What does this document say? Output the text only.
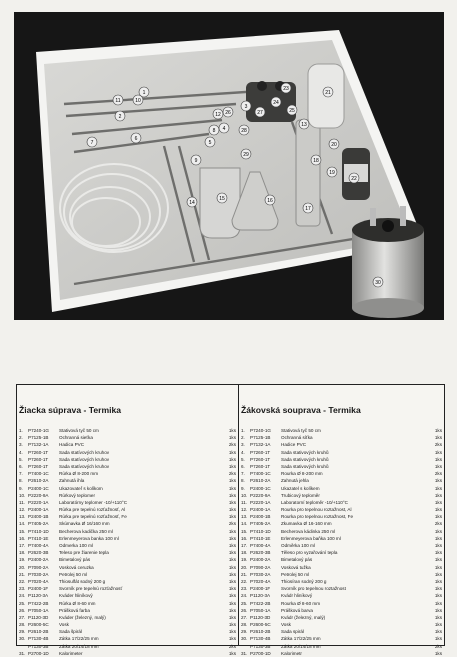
1
2
3
4
5
6
7
8
9
10
11
12
13
14
15	16
17
18
19
20
21
22
23
24
25
26	27
28
29
30
Žiacka súprava - Termika
1.	P7240-1G	Stativová tyč 50 cm	1ks
2.	P7125-1B	Ochranná sieťka	1ks
3.	P7132-1A	Hadica PVC	2ks
4.	P7260-1T	Sada statívových kruhov	1ks
5.	P7260-1T	Sada statívových kruhov	1ks
6.	P7260-1T	Sada statívových kruhov	1ks
7.	P7400-1C	Rúrka Ø 8-200 mm	2ks
8.	P2610-2A	Zahnutá ihla	1ks
9.	P2400-1C	Ukazovateľ s kolíkom	1ks
10. P2220-9A	Rúrkový teplomer	1ks
11. P2220-1A	Laboratórny teplomer -10/+110°C	1ks
12. P2400-1A	Rúrka pre tepelnú rozťažnosť, Al	1ks
13. P2400-1B	Rúrka pre tepelnú rozťažnosť, Fe	1ks
14. P7405-2A	Skúmavka Ø 16/160 mm	2ks
15. P7410-1D	Becherova kadička 250 ml	1ks
16. P7410-1E	Erlenmeyerova banka 100 ml	1ks
17. P7400-4A	Odmerka 100 ml	1ks
18. P2620-3B	Teleso pre žiarenie tepla	1ks
19. P2400-2A	Bimetalový pás	1ks
20. P7090-2A	Vosková ceruzka	1ks
21. P7030-2A	Petrolej 50 ml	1ks
22. P7020-4A	Thiosulfát sodný 200 g	1ks
23. P2400-1F	Svorník pre tepelnú rozťažnosť	1ks
24. P1120-3A	Kváder hliníkový	1ks
25. P7422-2B	Rúrka Ø 8-60 mm	1ks
26. P7050-1A	Prášková farba	1ks
27. P1120-3D	Kváder (železný, malý)	1ks
28. P2600-5C	Vosk	1ks
29. P2610-2B	Sada špirál	1ks
30. P7130-4B	Zátka 17/22/25 mm	1ks
P7130-3B	Zátka 20/14/18 mm	2ks
31. P2700-1D	Kalorimeter	1ks
Žákovská souprava - Termika
1.	P7240-1G	Stativová tyč 50 cm	1ks
2.	P7125-1B	Ochranná síťka	1ks
3.	P7132-1A	Hadice PVC	2ks
4.	P7260-1T	Sada stativových kruhů	1ks
5.	P7260-1T	Sada stativových kruhů	1ks
6.	P7260-1T	Sada stativových kruhů	1ks
7.	P7400-1C	Rourka Ø 8-200 mm	2ks
8.	P2610-2A	Zahnutá jehla	1ks
9.	P2400-1C	Ukazatel s kolíkem	1ks
10. P2220-9A	Trubicový teploměr	1ks
11. P2220-1A	Laboratorní teploměr -10/+110°C	1ks
12. P2400-1A	Rourka pro tepelnou roztažnost, Al	1ks
13. P2400-1B	Rourka pro tepelnou roztažnost, Fe	1ks
14. P7405-2A	Zkumavka Ø 16-160 mm	2ks
15. P7410-1D	Becherova kádinka 250 ml	1ks
16. P7410-1E	Erlenmeyerova baňka 100 ml	1ks
17. P7400-4A	Odměrka 100 ml	1ks
18. P2620-3B	Těleso pro vyzařování tepla	1ks
19. P2400-2A	Bimetalový pás	1ks
20. P7090-2A	Vosková tužka	1ks
21. P7030-2A	Petrolej 50 ml	1ks
22. P7020-4A	Thiosíran sodný 200 g	1ks
23. P2400-1F	Svorník pro tepelnou roztažnost	1ks
24. P1120-3A	Kvádr hliníkový	1ks
25. P7422-2B	Rourka Ø 8-60 mm	1ks
26. P7050-1A	Prášková barva	1ks
27. P1120-3D	Kvádr (železný, malý)	1ks
28. P2600-5C	Vosk	1ks
29. P2610-2B	Sada spirál	1ks
30. P7130-4B	Zátka 17/22/25 mm	1ks
P7130-3B	Zátka 20/14/18 mm	2ks
31. P2700-1D	Kalorimetr	1ks
